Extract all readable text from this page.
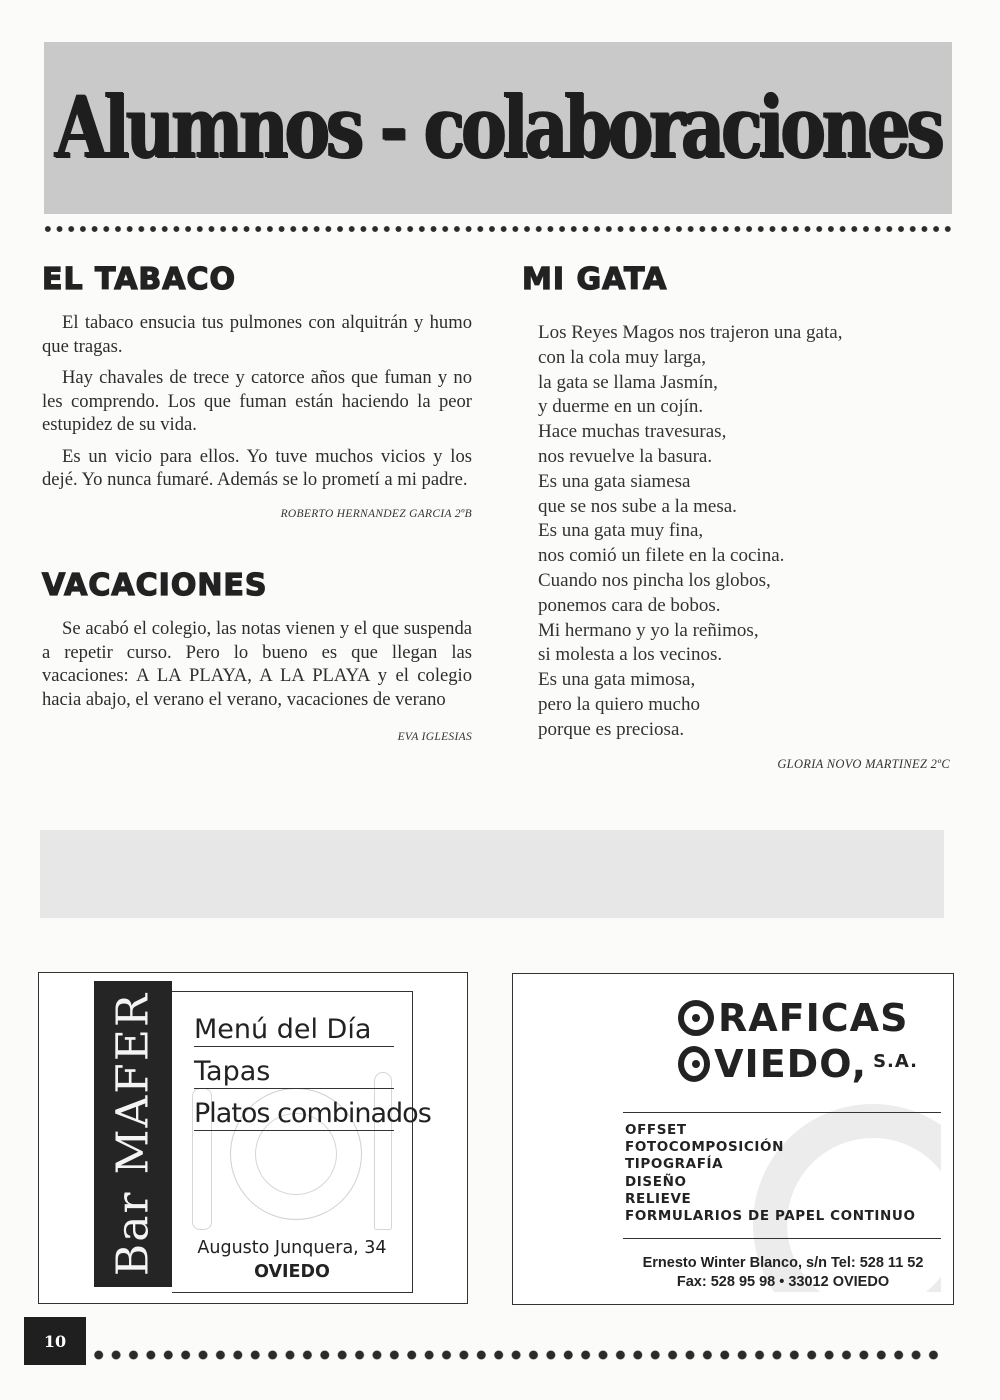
Alumnos - colaboraciones
EL TABACO

El tabaco ensucia tus pulmones con alquitrán y humo que tragas.

Hay chavales de trece y catorce años que fuman y no les comprendo. Los que fuman están haciendo la peor estupidez de su vida.

Es un vicio para ellos. Yo tuve muchos vicios y los dejé. Yo nunca fumaré. Además se lo prometí a mi padre.

ROBERTO HERNANDEZ GARCIA 2ºB
VACACIONES

Se acabó el colegio, las notas vienen y el que suspenda a repetir curso. Pero lo bueno es que llegan las vacaciones: A LA PLAYA, A LA PLAYA y el colegio hacia abajo, el verano el verano, vacaciones de verano

EVA IGLESIAS
MI GATA
Los Reyes Magos nos trajeron una gata,
con la cola muy larga,
la gata se llama Jasmín,
y duerme en un cojín.
Hace muchas travesuras,
nos revuelve la basura.
Es una gata siamesa
que se nos sube a la mesa.
Es una gata muy fina,
nos comió un filete en la cocina.
Cuando nos pincha los globos,
ponemos cara de bobos.
Mi hermano y yo la reñimos,
si molesta a los vecinos.
Es una gata mimosa,
pero la quiero mucho
porque es preciosa.
GLORIA NOVO MARTINEZ 2ºC
Bar MAFER Menú del Día
Tapas
Platos combinados
Augusto Junquera, 34
OVIEDO
RAFICAS
VIEDO, S.A.
OFFSET
FOTOCOMPOSICIÓN
TIPOGRAFÍA
DISEÑO
RELIEVE
FORMULARIOS DE PAPEL CONTINUO
Ernesto Winter Blanco, s/n Tel: 528 11 52
Fax: 528 95 98 • 33012 OVIEDO
10
